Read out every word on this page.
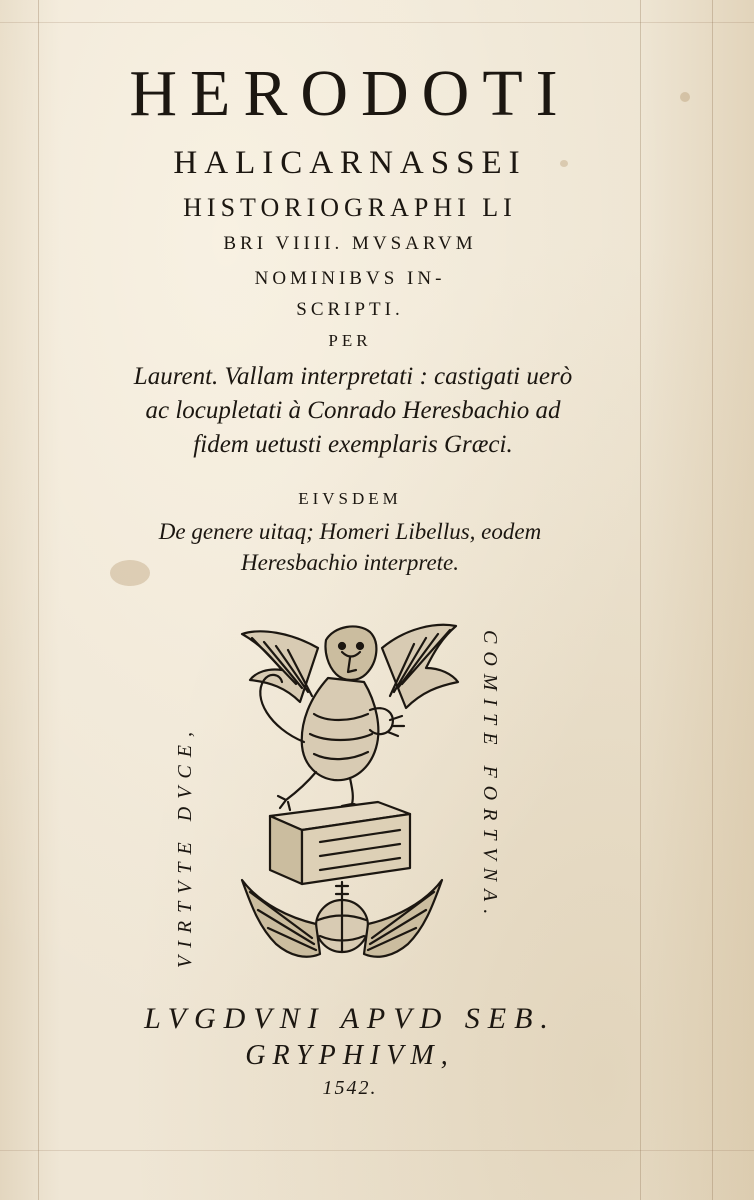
HERODOTI
HALICARNASSEI
HISTORIOGRAPHI LI
BRI VIIII. MVSARVM
NOMINIBVS IN-
SCRIPTI.
PER
Laurent. Vallam interpretati : castigati uerò
ac locupletati à Conrado Heresbachio ad
fidem uetusti exemplaris Græci.
EIVSDEM
De genere uitaq; Homeri Libellus, eodem
Heresbachio interprete.
VIRTVTE DVCE,	COMITE FORTVNA.
LVGDVNI APVD SEB.
GRYPHIVM,
1542.
